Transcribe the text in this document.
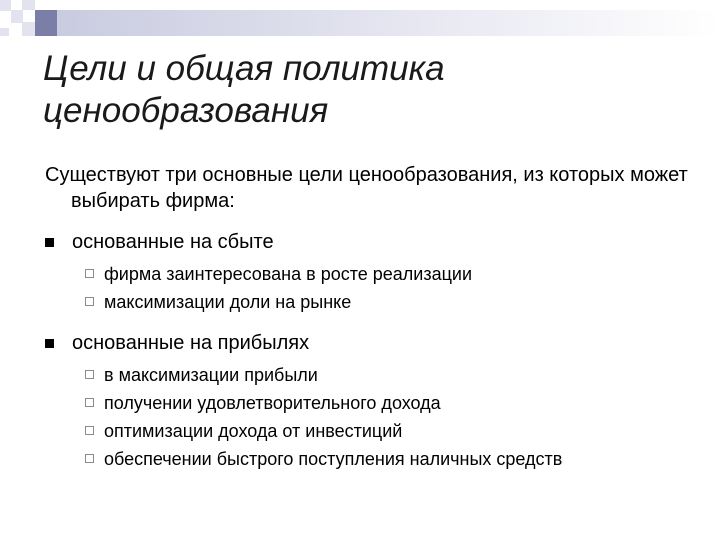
Цели и общая политика
ценообразования
Существуют три основные цели ценообразования, из которых может выбирать фирма:
основанные на сбыте
фирма заинтересована в росте реализации
максимизации доли на рынке
основанные на прибылях
в максимизации прибыли
получении удовлетворительного дохода
оптимизации дохода от инвестиций
обеспечении быстрого поступления наличных средств
